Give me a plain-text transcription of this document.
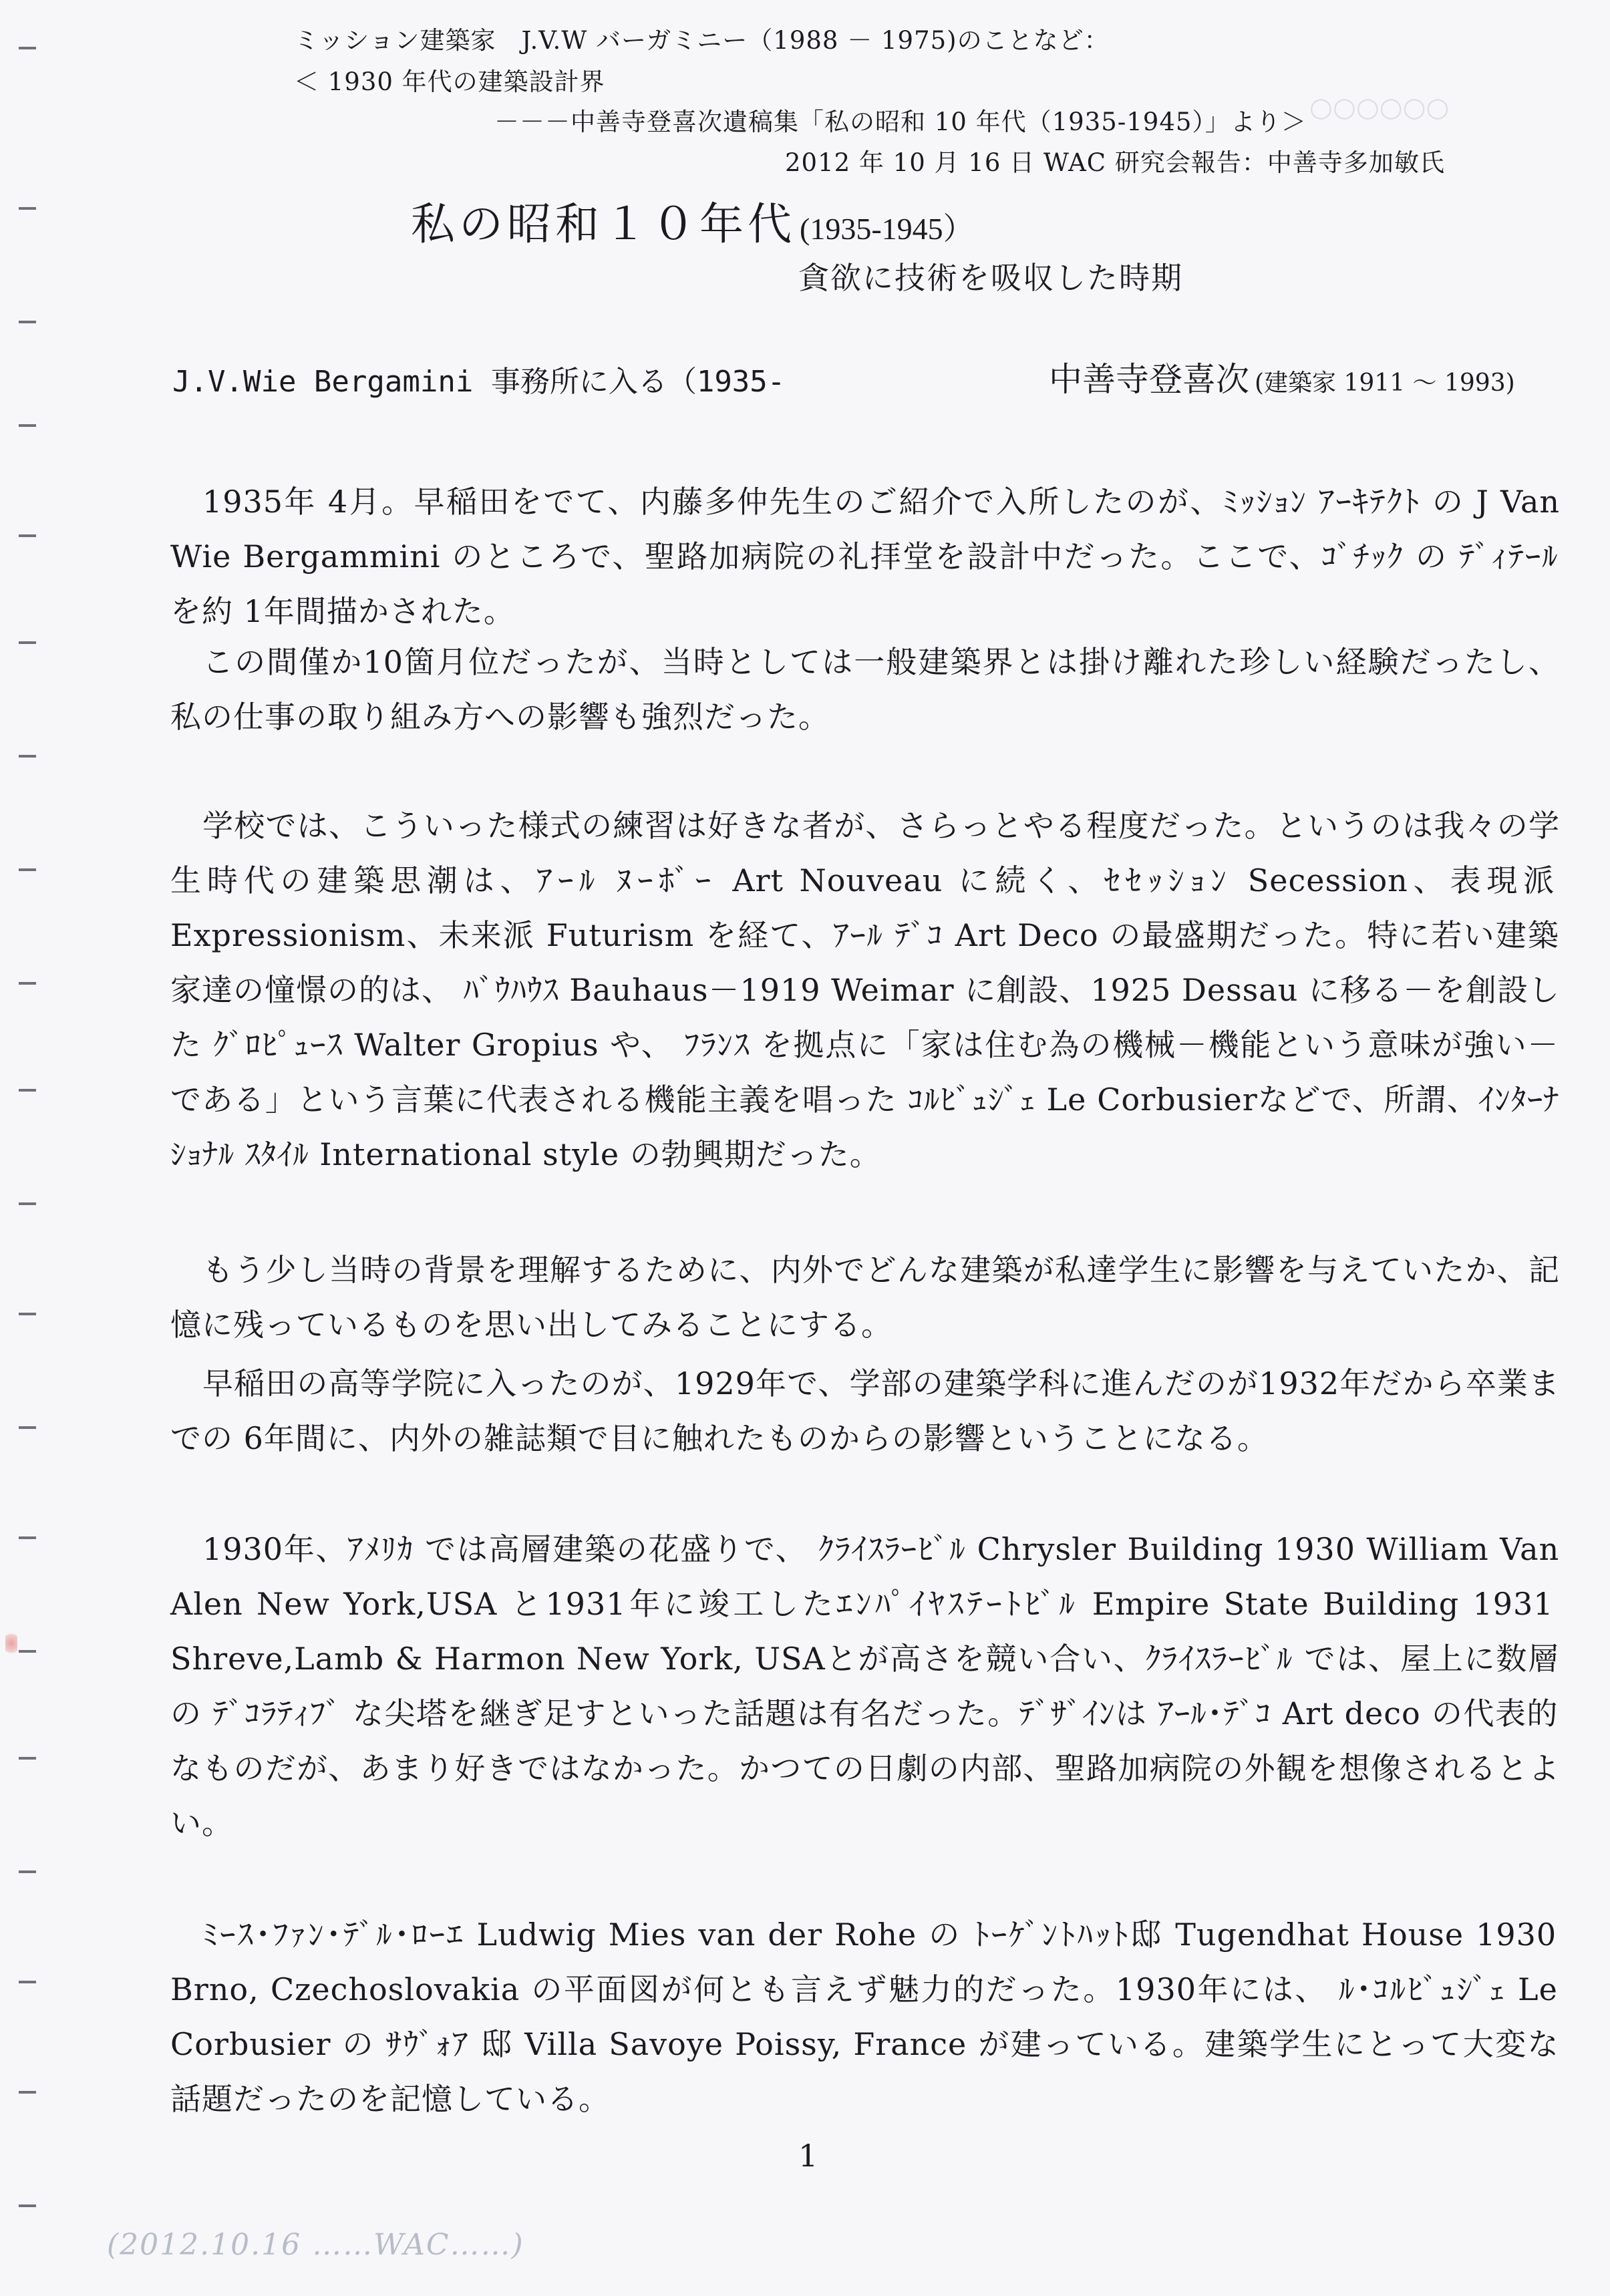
○○○○○○

ミッション建築家　J.V.W バーガミニー（1988 － 1975)のことなど：
＜ 1930 年代の建築設計界
－－－中善寺登喜次遺稿集「私の昭和 10 年代（1935-1945）」より＞
2012 年 10 月 16 日 WAC 研究会報告：中善寺多加敏氏
私の昭和１０年代 (1935-1945）
貪欲に技術を吸収した時期
J.V.Wie Bergamini 事務所に入る（1935-	中善寺登喜次 (建築家 1911 ～ 1993)
1935年 4月。早稲田をでて、内藤多仲先生のご紹介で入所したのが、ﾐｯｼｮﾝ ｱｰｷﾃｸﾄ の J Van Wie Bergammini のところで、聖路加病院の礼拝堂を設計中だった。ここで、ｺﾞﾁｯｸ の ﾃﾞｨﾃｰﾙ を約 1年間描かされた。
この間僅か10箇月位だったが、当時としては一般建築界とは掛け離れた珍しい経験だったし、私の仕事の取り組み方への影響も強烈だった。
学校では、こういった様式の練習は好きな者が、さらっとやる程度だった。というのは我々の学生時代の建築思潮は、ｱｰﾙ ﾇｰﾎﾞｰ Art Nouveau に続く、ｾｾｯｼｮﾝ Secession、表現派 Expressionism、未来派 Futurism を経て、ｱｰﾙ ﾃﾞｺ Art Deco の最盛期だった。特に若い建築家達の憧憬の的は、 ﾊﾞｳﾊｳｽ Bauhaus－1919 Weimar に創設、1925 Dessau に移る－を創設した ｸﾞﾛﾋﾟｭｰｽ Walter Gropius や、 ﾌﾗﾝｽ を拠点に「家は住む為の機械－機能という意味が強い－である」という言葉に代表される機能主義を唱った ｺﾙﾋﾞｭｼﾞｪ Le Corbusierなどで、所謂、ｲﾝﾀｰﾅｼｮﾅﾙ ｽﾀｲﾙ International style の勃興期だった。
もう少し当時の背景を理解するために、内外でどんな建築が私達学生に影響を与えていたか、記憶に残っているものを思い出してみることにする。
早稲田の高等学院に入ったのが、1929年で、学部の建築学科に進んだのが1932年だから卒業までの 6年間に、内外の雑誌類で目に触れたものからの影響ということになる。
1930年、ｱﾒﾘｶ では高層建築の花盛りで、 ｸﾗｲｽﾗｰﾋﾞﾙ Chrysler Building 1930 William Van Alen New York,USA と1931年に竣工したｴﾝﾊﾟｲﾔｽﾃｰﾄﾋﾞﾙ Empire State Building 1931 Shreve,Lamb & Harmon New York, USAとが高さを競い合い、ｸﾗｲｽﾗｰﾋﾞﾙ では、屋上に数層の ﾃﾞｺﾗﾃｨﾌﾞ な尖塔を継ぎ足すといった話題は有名だった。ﾃﾞｻﾞｲﾝは ｱｰﾙ･ﾃﾞｺ Art deco の代表的なものだが、あまり好きではなかった。かつての日劇の内部、聖路加病院の外観を想像されるとよい。
ﾐｰｽ･ﾌｧﾝ･ﾃﾞﾙ･ﾛｰｴ Ludwig Mies van der Rohe の ﾄｰｹﾞﾝﾄﾊｯﾄ邸 Tugendhat House 1930 Brno, Czechoslovakia の平面図が何とも言えず魅力的だった。1930年には、 ﾙ･ｺﾙﾋﾞｭｼﾞｪ Le Corbusier の ｻｳﾞｫｱ 邸 Villa Savoye Poissy, France が建っている。建築学生にとって大変な話題だったのを記憶している。
1
(2012.10.16 ……WAC……)
